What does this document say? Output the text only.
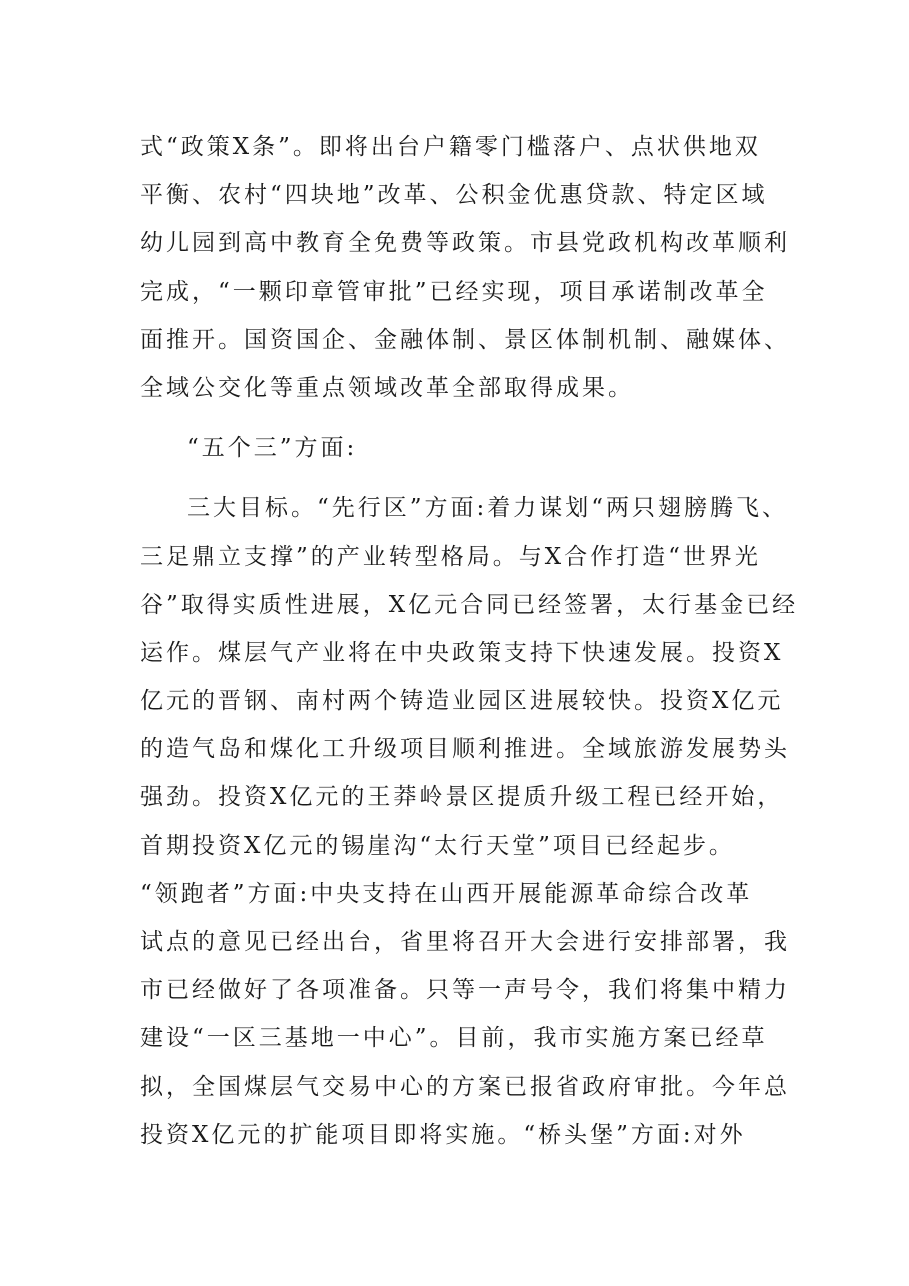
式“政策X条”。即将出台户籍零门槛落户、点状供地双
平衡、农村“四块地”改革、公积金优惠贷款、特定区域
幼儿园到高中教育全免费等政策。市县党政机构改革顺利
完成，“一颗印章管审批”已经实现，项目承诺制改革全
面推开。国资国企、金融体制、景区体制机制、融媒体、
全域公交化等重点领域改革全部取得成果。
“五个三”方面:
三大目标。“先行区”方面:着力谋划“两只翅膀腾飞、
三足鼎立支撑”的产业转型格局。与X合作打造“世界光
谷”取得实质性进展，X亿元合同已经签署，太行基金已经
运作。煤层气产业将在中央政策支持下快速发展。投资X
亿元的晋钢、南村两个铸造业园区进展较快。投资X亿元
的造气岛和煤化工升级项目顺利推进。全域旅游发展势头
强劲。投资X亿元的王莽岭景区提质升级工程已经开始，
首期投资X亿元的锡崖沟“太行天堂”项目已经起步。
“领跑者”方面:中央支持在山西开展能源革命综合改革
试点的意见已经出台，省里将召开大会进行安排部署，我
市已经做好了各项准备。只等一声号令，我们将集中精力
建设“一区三基地一中心”。目前，我市实施方案已经草
拟，全国煤层气交易中心的方案已报省政府审批。今年总
投资X亿元的扩能项目即将实施。“桥头堡”方面:对外
